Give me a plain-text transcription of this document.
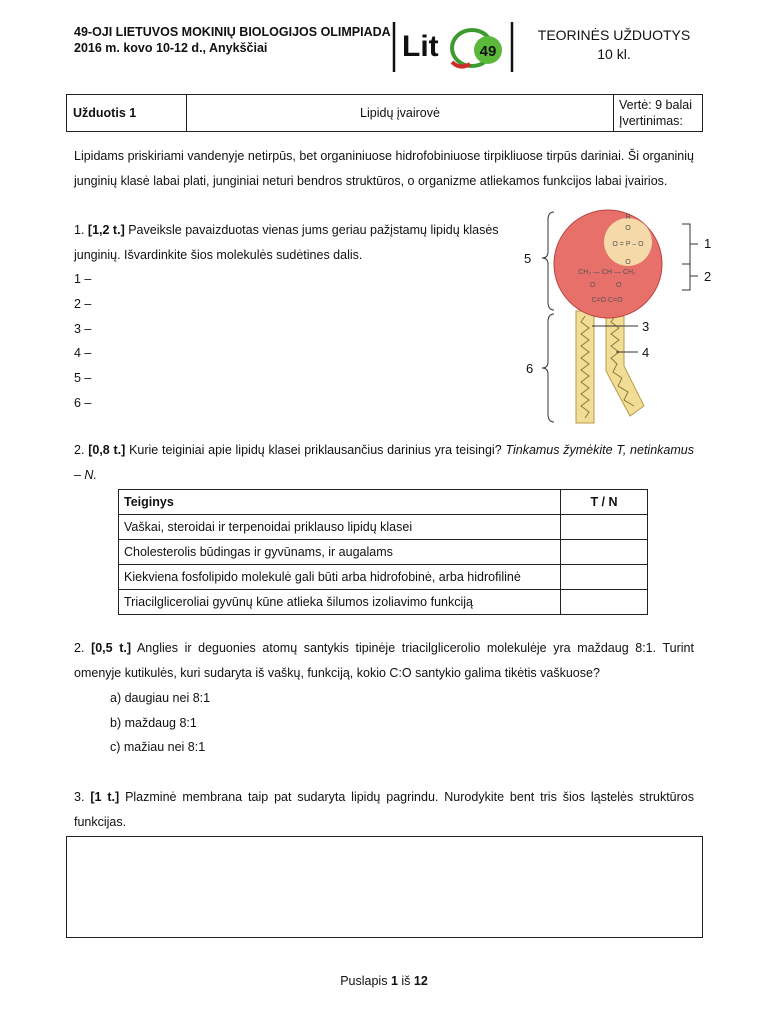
49-OJI LIETUVOS MOKINIŲ BIOLOGIJOS OLIMPIADA
2016 m. kovo 10-12 d., Anykščiai	Lit	49
TEORINĖS UŽDUOTYS
10 kl.
Užduotis 1	Lipidų įvairovė
Vertė: 9 balai
Įvertinimas:
Lipidams priskiriami vandenyje netirpūs, bet organiniuose hidrofobiniuose tirpikliuose tirpūs dariniai. Ši organinių junginių klasė labai plati, junginiai neturi bendros struktūros, o organizme atliekamos funkcijos labai įvairios.
1. [1,2 t.] Paveiksle pavaizduotas vienas jums geriau pažįstamų lipidų klasės junginių. Išvardinkite šios molekulės sudėtines dalis.
1 –
2 –
3 –
4 –
5 –
6 –
R
O = P – O
O
O
CH₂ — CH — CH₂
O	O
C=O C=O
1
2
3
4
5
6
2. [0,8 t.] Kurie teiginiai apie lipidų klasei priklausančius darinius yra teisingi? Tinkamus žymėkite T, netinkamus – N.
Teiginys	T / N
Vaškai, steroidai ir terpenoidai priklauso lipidų klasei	
Cholesterolis būdingas ir gyvūnams, ir augalams	
Kiekviena fosfolipido molekulė gali būti arba hidrofobinė, arba hidrofilinė	
Triacilgliceroliai gyvūnų kūne atlieka šilumos izoliavimo funkciją	
2. [0,5 t.] Anglies ir deguonies atomų santykis tipinėje triacilglicerolio molekulėje yra maždaug 8:1. Turint omenyje kutikulės, kuri sudaryta iš vaškų, funkciją, kokio C:O santykio galima tikėtis vaškuose?
a) daugiau nei 8:1
b) maždaug 8:1
c) mažiau nei 8:1
3. [1 t.] Plazminė membrana taip pat sudaryta lipidų pagrindu. Nurodykite bent tris šios ląstelės struktūros funkcijas.
Puslapis 1 iš 12
